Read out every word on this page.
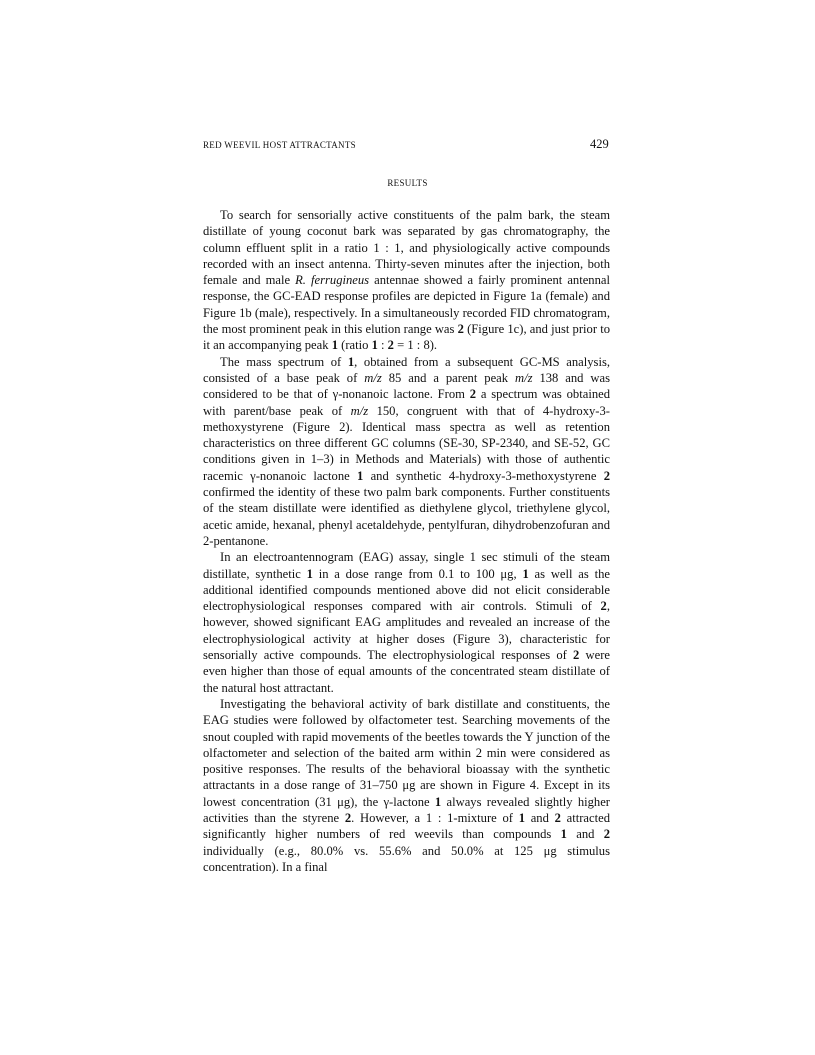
RED WEEVIL HOST ATTRACTANTS	429
RESULTS

To search for sensorially active constituents of the palm bark, the steam distillate of young coconut bark was separated by gas chromatography, the column effluent split in a ratio 1 : 1, and physiologically active compounds recorded with an insect antenna. Thirty-seven minutes after the injection, both female and male R. ferrugineus antennae showed a fairly prominent antennal response, the GC-EAD response profiles are depicted in Figure 1a (female) and Figure 1b (male), respectively. In a simultaneously recorded FID chromatogram, the most prominent peak in this elution range was 2 (Figure 1c), and just prior to it an accompanying peak 1 (ratio 1 : 2 = 1 : 8).

The mass spectrum of 1, obtained from a subsequent GC-MS analysis, consisted of a base peak of m/z 85 and a parent peak m/z 138 and was considered to be that of γ-nonanoic lactone. From 2 a spectrum was obtained with parent/base peak of m/z 150, congruent with that of 4-hydroxy-3-methoxystyrene (Figure 2). Identical mass spectra as well as retention characteristics on three different GC columns (SE-30, SP-2340, and SE-52, GC conditions given in 1–3) in Methods and Materials) with those of authentic racemic γ-nonanoic lactone 1 and synthetic 4-hydroxy-3-methoxystyrene 2 confirmed the identity of these two palm bark components. Further constituents of the steam distillate were identified as diethylene glycol, triethylene glycol, acetic amide, hexanal, phenyl acetaldehyde, pentylfuran, dihydrobenzofuran and 2-pentanone.

In an electroantennogram (EAG) assay, single 1 sec stimuli of the steam distillate, synthetic 1 in a dose range from 0.1 to 100 μg, 1 as well as the additional identified compounds mentioned above did not elicit considerable electrophysiological responses compared with air controls. Stimuli of 2, however, showed significant EAG amplitudes and revealed an increase of the electrophysiological activity at higher doses (Figure 3), characteristic for sensorially active compounds. The electrophysiological responses of 2 were even higher than those of equal amounts of the concentrated steam distillate of the natural host attractant.

Investigating the behavioral activity of bark distillate and constituents, the EAG studies were followed by olfactometer test. Searching movements of the snout coupled with rapid movements of the beetles towards the Y junction of the olfactometer and selection of the baited arm within 2 min were considered as positive responses. The results of the behavioral bioassay with the synthetic attractants in a dose range of 31–750 μg are shown in Figure 4. Except in its lowest concentration (31 μg), the γ-lactone 1 always revealed slightly higher activities than the styrene 2. However, a 1 : 1-mixture of 1 and 2 attracted significantly higher numbers of red weevils than compounds 1 and 2 individually (e.g., 80.0% vs. 55.6% and 50.0% at 125 μg stimulus concentration). In a final
